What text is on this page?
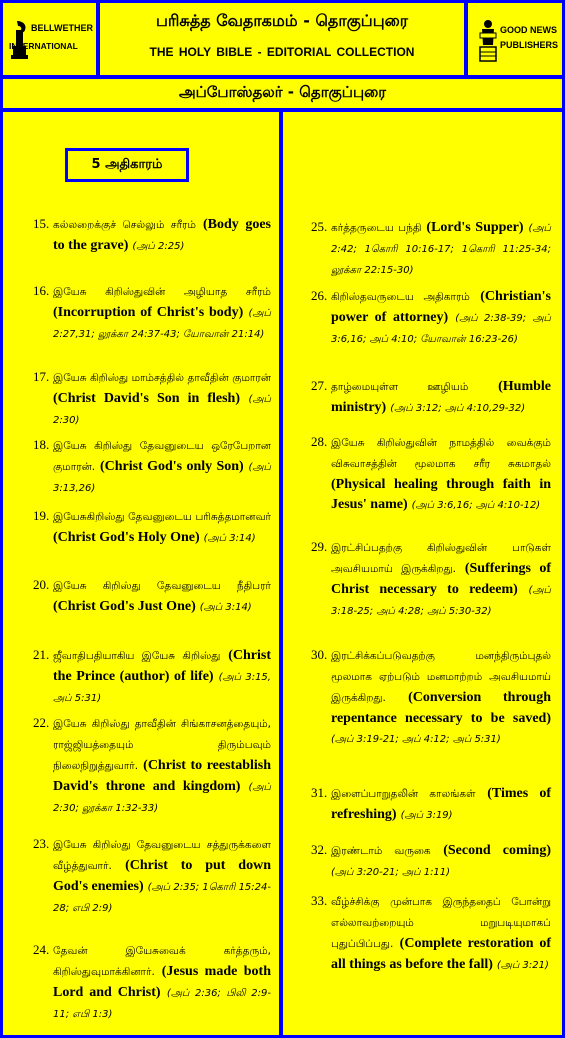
BELLWETHER
INTERNATIONAL
பரிசுத்த வேதாகமம் - தொகுப்புரை
THE HOLY BIBLE - EDITORIAL COLLECTION
GOOD NEWS
PUBLISHERS
அப்போஸ்தலர் - தொகுப்புரை
5 அதிகாரம்
15. கல்லறைக்குச் செல்லும் சரீரம் (Body goes to the grave) (அப் 2:25)
16. இயேசு கிறிஸ்துவின் அழியாத சரீரம் (Incorruption of Christ's body) (அப் 2:27,31; லூக்கா 24:37-43; யோவான் 21:14)
17. இயேசு கிறிஸ்து மாம்சத்தில் தாவீதின் குமாரன் (Christ David's Son in flesh) (அப் 2:30)
18. இயேசு கிறிஸ்து தேவனுடைய ஒரேபேறான குமாரன். (Christ God's only Son) (அப் 3:13,26)
19. இயேசுகிறிஸ்து தேவனுடைய பரிசுத்தமானவர் (Christ God's Holy One) (அப் 3:14)
20. இயேசு கிறிஸ்து தேவனுடைய நீதிபரர் (Christ God's Just One) (அப் 3:14)
21. ஜீவாதிபதியாகிய இயேசு கிறிஸ்து (Christ the Prince (author) of life) (அப் 3:15, அப் 5:31)
22. இயேசு கிறிஸ்து தாவீதின் சிங்காசனத்தையும், ராஜ்ஜியத்தையும் திரும்பவும் நிலைநிறுத்துவார். (Christ to reestablish David's throne and kingdom) (அப் 2:30; லூக்கா 1:32-33)
23. இயேசு கிறிஸ்து தேவனுடைய சத்துருக்களை வீழ்த்துவார். (Christ to put down God's enemies) (அப் 2:35; 1கொரி 15:24-28; எபி 2:9)
24. தேவன் இயேசுவைக் கர்த்தரும், கிறிஸ்துவுமாக்கினார். (Jesus made both Lord and Christ) (அப் 2:36; பிலி 2:9-11; எபி 1:3)
25. கர்த்தருடைய பந்தி (Lord's Supper) (அப் 2:42; 1கொரி 10:16-17; 1கொரி 11:25-34; லூக்கா 22:15-30)
26. கிறிஸ்தவருடைய அதிகாரம் (Christian's power of attorney) (அப் 2:38-39; அப் 3:6,16; அப் 4:10; யோவான் 16:23-26)
27. தாழ்மையுள்ள ஊழியம் (Humble ministry) (அப் 3:12; அப் 4:10,29-32)
28. இயேசு கிறிஸ்துவின் நாமத்தில் வைக்கும் விசுவாசத்தின் மூலமாக சரீர சுகமாதல் (Physical healing through faith in Jesus' name) (அப் 3:6,16; அப் 4:10-12)
29. இரட்சிப்பதற்கு கிறிஸ்துவின் பாடுகள் அவசியமாய் இருக்கிறது. (Sufferings of Christ necessary to redeem) (அப் 3:18-25; அப் 4:28; அப் 5:30-32)
30. இரட்சிக்கப்படுவதற்கு மனந்திரும்புதல் மூலமாக ஏற்படும் மனமாற்றம் அவசியமாய் இருக்கிறது. (Conversion through repentance necessary to be saved) (அப் 3:19-21; அப் 4:12; அப் 5:31)
31. இளைப்பாறுதலின் காலங்கள் (Times of refreshing) (அப் 3:19)
32. இரண்டாம் வருகை (Second coming) (அப் 3:20-21; அப் 1:11)
33. வீழ்ச்சிக்கு முன்பாக இருந்ததைப் போன்று எல்லாவற்றையும் மறுபடியுமாகப் புதுப்பிப்பது. (Complete restoration of all things as before the fall) (அப் 3:21)
